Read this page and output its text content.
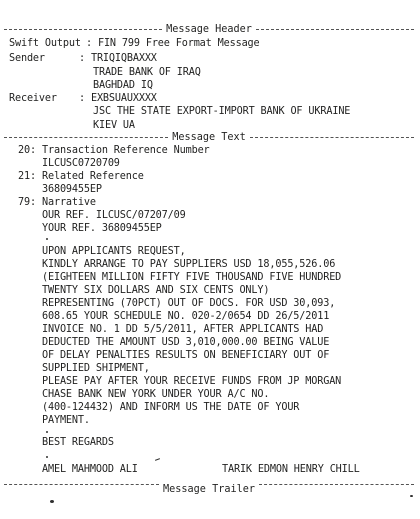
Message Header
Swift Output : FIN 799 Free Format Message
Sender	: TRIQIQBAXXX
TRADE BANK OF IRAQ
BAGHDAD IQ
Receiver : EXBSUAUXXXX
JSC THE STATE EXPORT-IMPORT BANK OF UKRAINE
KIEV UA
Message Text
20: Transaction Reference Number
ILCUSC0720709
21: Related Reference
36809455EP
79: Narrative
OUR REF. ILCUSC/07207/09
YOUR REF. 36809455EP
UPON APPLICANTS REQUEST,
KINDLY ARRANGE TO PAY SUPPLIERS USD 18,055,526.06
(EIGHTEEN MILLION FIFTY FIVE THOUSAND FIVE HUNDRED
TWENTY SIX DOLLARS AND SIX CENTS ONLY)
REPRESENTING (70PCT) OUT OF DOCS. FOR USD 30,093,
608.65 YOUR SCHEDULE NO. 020-2/0654 DD 26/5/2011
INVOICE NO. 1 DD 5/5/2011, AFTER APPLICANTS HAD
DEDUCTED THE AMOUNT USD 3,010,000.00 BEING VALUE
OF DELAY PENALTIES RESULTS ON BENEFICIARY OUT OF
SUPPLIED SHIPMENT,
PLEASE PAY AFTER YOUR RECEIVE FUNDS FROM JP MORGAN
CHASE BANK NEW YORK UNDER YOUR A/C NO.
(400-124432) AND INFORM US THE DATE OF YOUR
PAYMENT.
BEST REGARDS
AMEL MAHMOOD ALI	TARIK EDMON HENRY CHILL
Message Trailer
